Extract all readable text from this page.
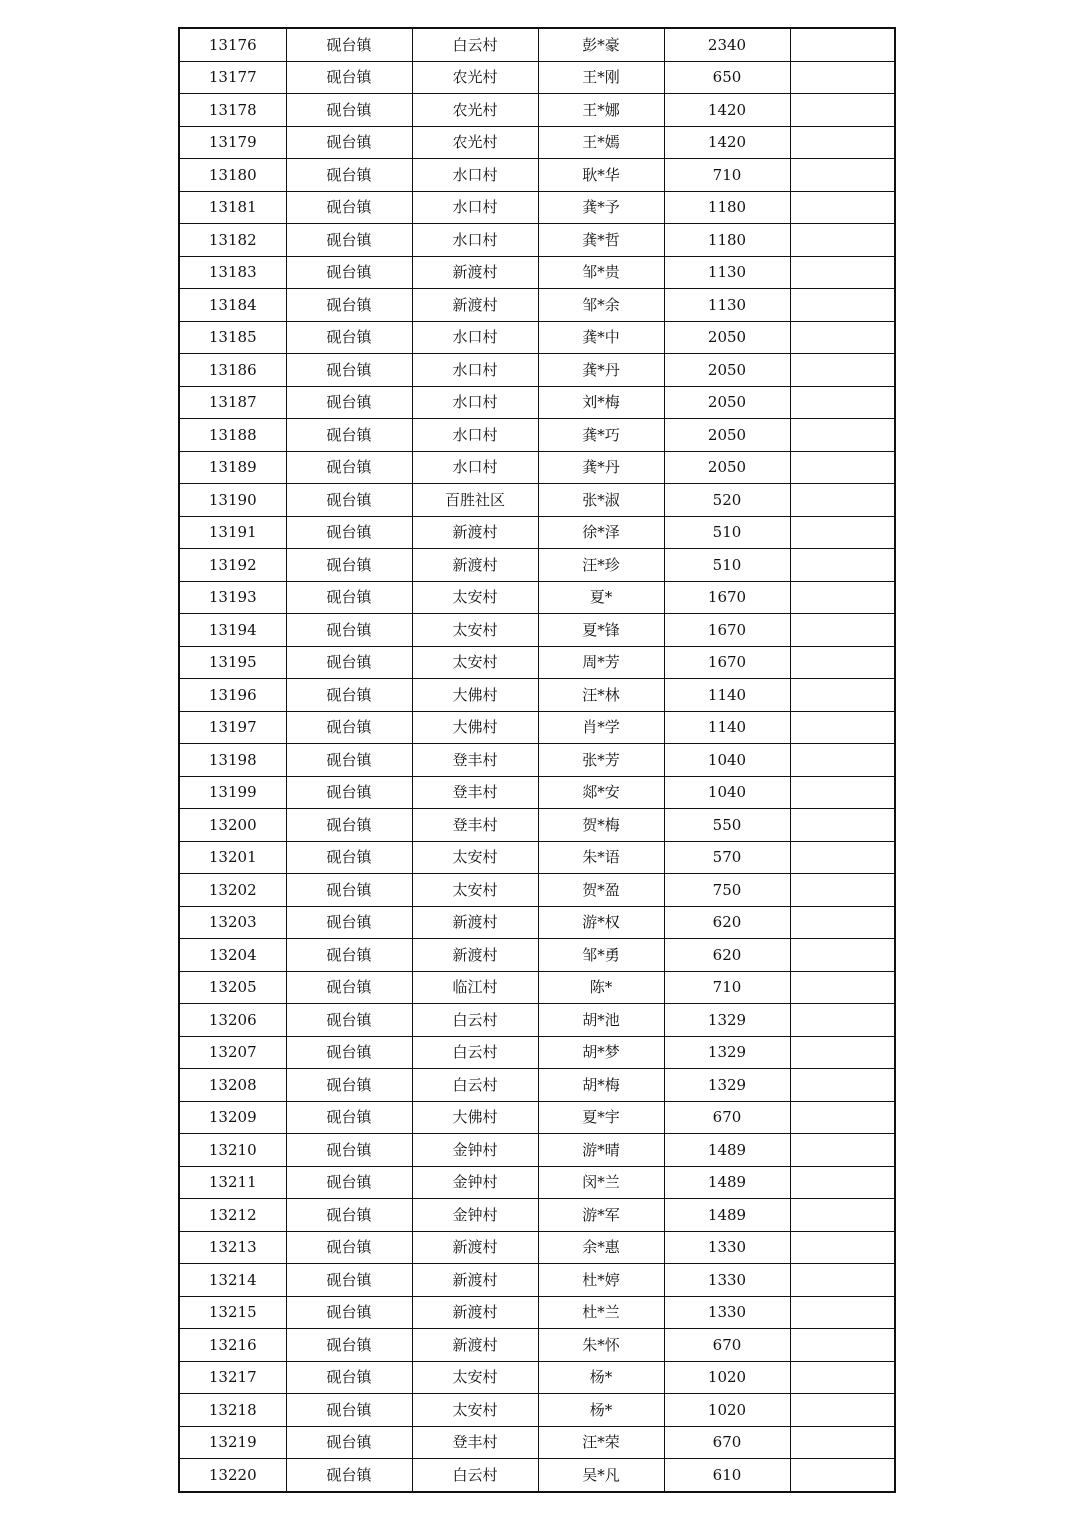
13176	砚台镇	白云村	彭*豪	2340	
13177	砚台镇	农光村	王*刚	650	
13178	砚台镇	农光村	王*娜	1420	
13179	砚台镇	农光村	王*嫣	1420	
13180	砚台镇	水口村	耿*华	710	
13181	砚台镇	水口村	龚*予	1180	
13182	砚台镇	水口村	龚*哲	1180	
13183	砚台镇	新渡村	邹*贵	1130	
13184	砚台镇	新渡村	邹*余	1130	
13185	砚台镇	水口村	龚*中	2050	
13186	砚台镇	水口村	龚*丹	2050	
13187	砚台镇	水口村	刘*梅	2050	
13188	砚台镇	水口村	龚*巧	2050	
13189	砚台镇	水口村	龚*丹	2050	
13190	砚台镇	百胜社区	张*淑	520	
13191	砚台镇	新渡村	徐*泽	510	
13192	砚台镇	新渡村	汪*珍	510	
13193	砚台镇	太安村	夏*	1670	
13194	砚台镇	太安村	夏*锋	1670	
13195	砚台镇	太安村	周*芳	1670	
13196	砚台镇	大佛村	汪*林	1140	
13197	砚台镇	大佛村	肖*学	1140	
13198	砚台镇	登丰村	张*芳	1040	
13199	砚台镇	登丰村	郯*安	1040	
13200	砚台镇	登丰村	贺*梅	550	
13201	砚台镇	太安村	朱*语	570	
13202	砚台镇	太安村	贺*盈	750	
13203	砚台镇	新渡村	游*权	620	
13204	砚台镇	新渡村	邹*勇	620	
13205	砚台镇	临江村	陈*	710	
13206	砚台镇	白云村	胡*池	1329	
13207	砚台镇	白云村	胡*梦	1329	
13208	砚台镇	白云村	胡*梅	1329	
13209	砚台镇	大佛村	夏*宇	670	
13210	砚台镇	金钟村	游*晴	1489	
13211	砚台镇	金钟村	闵*兰	1489	
13212	砚台镇	金钟村	游*军	1489	
13213	砚台镇	新渡村	余*惠	1330	
13214	砚台镇	新渡村	杜*婷	1330	
13215	砚台镇	新渡村	杜*兰	1330	
13216	砚台镇	新渡村	朱*怀	670	
13217	砚台镇	太安村	杨*	1020	
13218	砚台镇	太安村	杨*	1020	
13219	砚台镇	登丰村	汪*荣	670	
13220	砚台镇	白云村	吴*凡	610	
